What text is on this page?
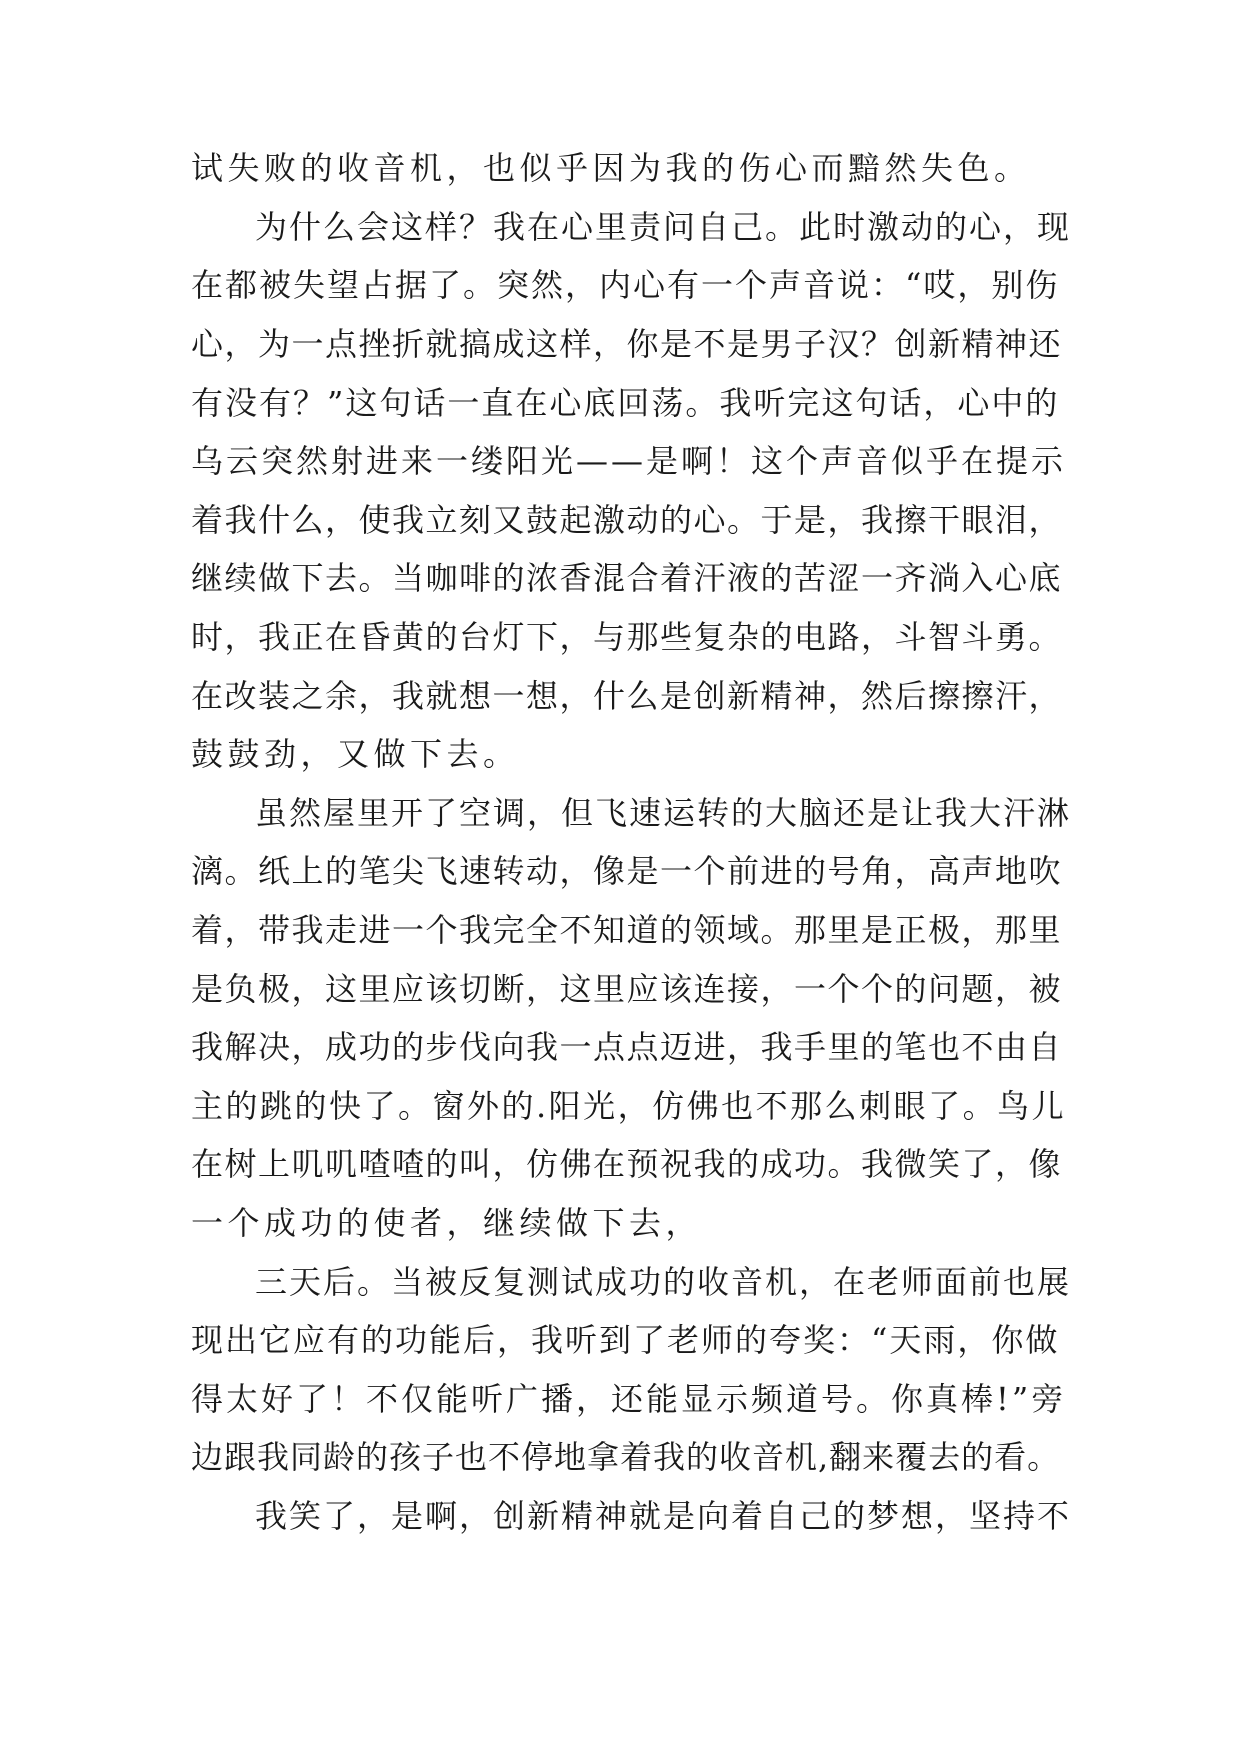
试失败的收音机，也似乎因为我的伤心而黯然失色。
为什么会这样？我在心里责问自己。此时激动的心，现
在都被失望占据了。突然，内心有一个声音说：“哎，别伤
心，为一点挫折就搞成这样，你是不是男子汉？创新精神还
有没有？”这句话一直在心底回荡。我听完这句话，心中的
乌云突然射进来一缕阳光——是啊！这个声音似乎在提示
着我什么，使我立刻又鼓起激动的心。于是，我擦干眼泪，
继续做下去。当咖啡的浓香混合着汗液的苦涩一齐淌入心底
时，我正在昏黄的台灯下，与那些复杂的电路，斗智斗勇。
在改装之余，我就想一想，什么是创新精神，然后擦擦汗，
鼓鼓劲，又做下去。
虽然屋里开了空调，但飞速运转的大脑还是让我大汗淋
漓。纸上的笔尖飞速转动，像是一个前进的号角，高声地吹
着，带我走进一个我完全不知道的领域。那里是正极，那里
是负极，这里应该切断，这里应该连接，一个个的问题，被
我解决，成功的步伐向我一点点迈进，我手里的笔也不由自
主的跳的快了。窗外的.阳光，仿佛也不那么刺眼了。鸟儿
在树上叽叽喳喳的叫，仿佛在预祝我的成功。我微笑了，像
一个成功的使者，继续做下去，
三天后。当被反复测试成功的收音机，在老师面前也展
现出它应有的功能后，我听到了老师的夸奖：“天雨，你做
得太好了！不仅能听广播，还能显示频道号。你真棒!”旁
边跟我同龄的孩子也不停地拿着我的收音机,翻来覆去的看。
我笑了，是啊，创新精神就是向着自己的梦想，坚持不
